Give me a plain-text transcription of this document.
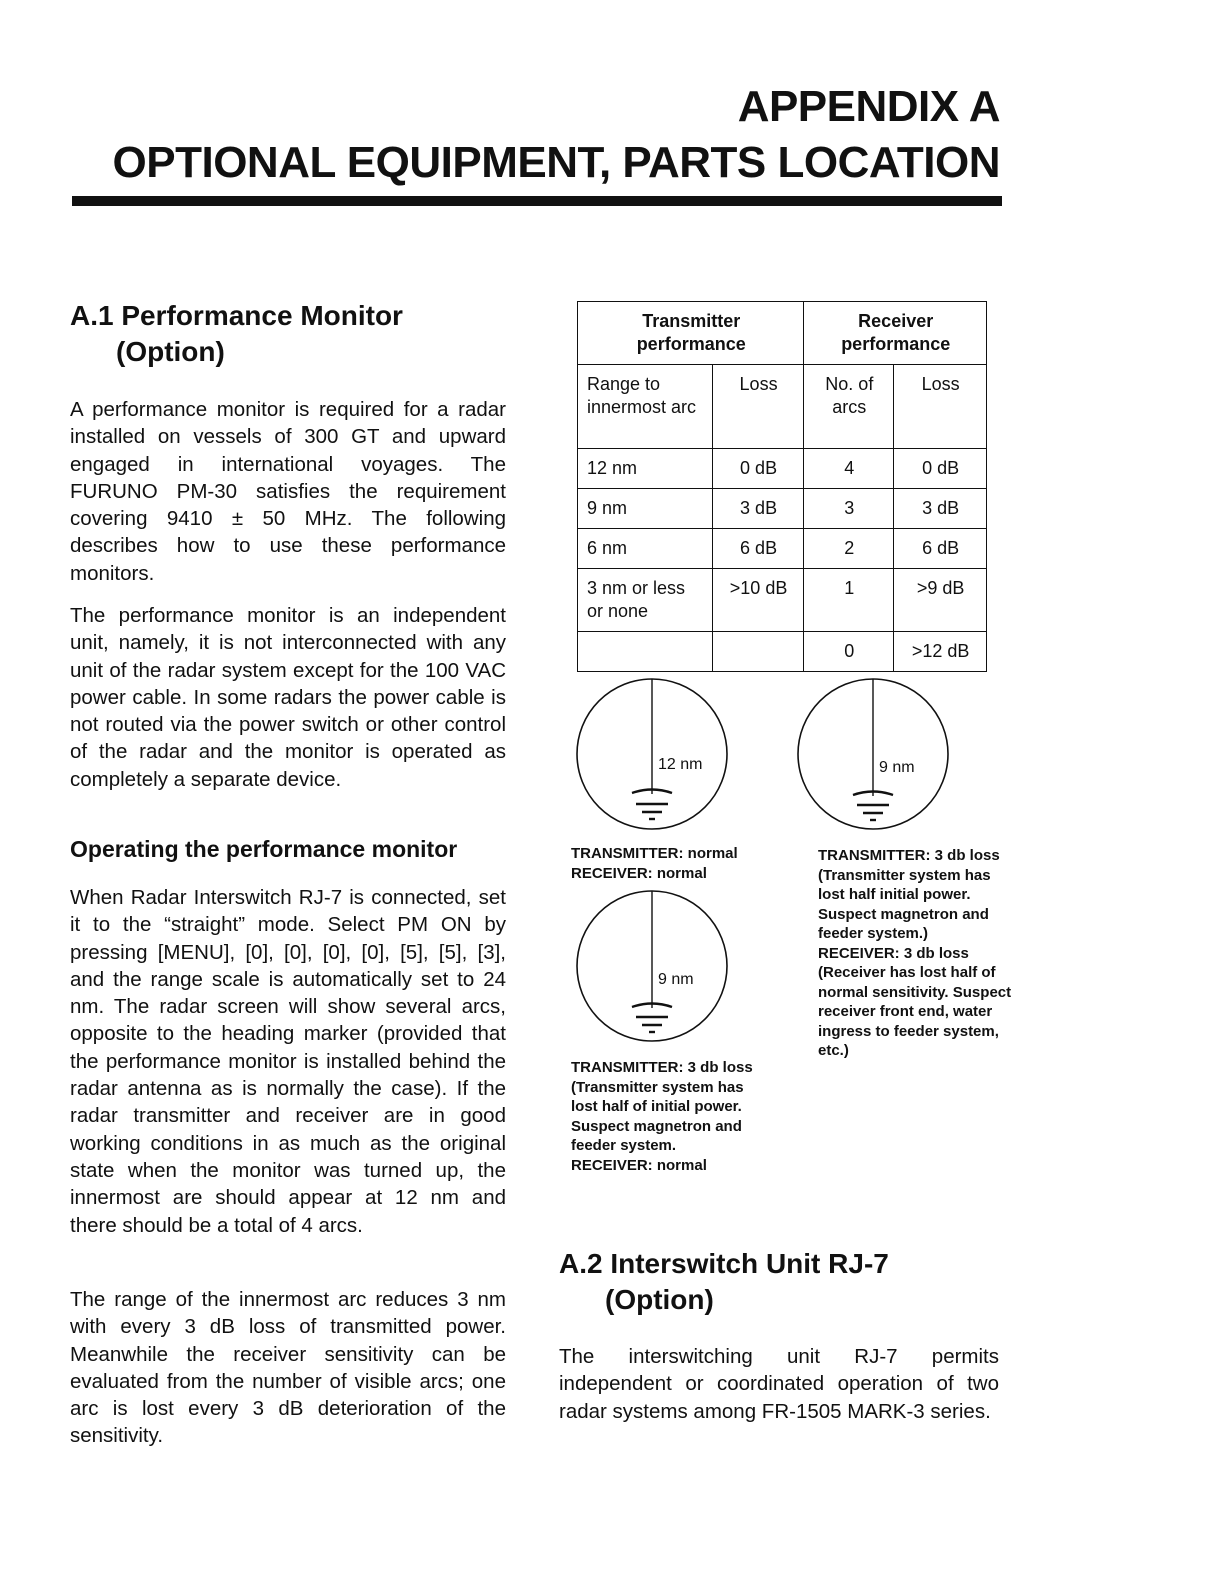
APPENDIX A
OPTIONAL EQUIPMENT, PARTS LOCATION
A.1 Performance Monitor
(Option)

A performance monitor is required for a radar installed on vessels of 300 GT and upward engaged in international voyages. The FURUNO PM-30 satisfies the requirement covering 9410 ± 50 MHz. The following describes how to use these performance monitors.

The performance monitor is an independent unit, namely, it is not interconnected with any unit of the radar system except for the 100 VAC power cable. In some radars the power cable is not routed via the power switch or other control of the radar and the monitor is operated as completely a separate device.

Operating the performance monitor

When Radar Interswitch RJ-7 is connected, set it to the “straight” mode. Select PM ON by pressing [MENU], [0], [0], [0], [0], [5], [5], [3], and the range scale is automatically set to 24 nm. The radar screen will show several arcs, opposite to the heading marker (provided that the performance monitor is installed behind the radar antenna as is normally the case). If the radar transmitter and receiver are in good working conditions in as much as the original state when the monitor was turned up, the innermost are should appear at 12 nm and there should be a total of 4 arcs.

The range of the innermost arc reduces 3 nm with every 3 dB loss of transmitted power. Meanwhile the receiver sensitivity can be evaluated from the number of visible arcs; one arc is lost every 3 dB deterioration of the sensitivity.

Transmitter performance		Receiver performance	
Range to innermost arc	Loss	No. of arcs	Loss
12 nm	0 dB	4	0 dB
9 nm	3 dB	3	3 dB
6 nm	6 dB	2	6 dB
3 nm or less or none	>10 dB	1	>9 dB
		0	>12 dB
12 nm
TRANSMITTER: normal
RECEIVER: normal
9 nm
TRANSMITTER: 3 db loss
(Transmitter system has
lost half initial power.
Suspect magnetron and
feeder system.)
RECEIVER: 3 db loss
(Receiver has lost half of
normal sensitivity. Suspect
receiver front end, water
ingress to feeder system,
etc.)
9 nm
TRANSMITTER: 3 db loss
(Transmitter system has
lost half of initial power.
Suspect magnetron and
feeder system.
RECEIVER: normal
A.2 Interswitch Unit RJ-7
(Option)

The interswitching unit RJ-7 permits independent or coordinated operation of two radar systems among FR-1505 MARK-3 series.
